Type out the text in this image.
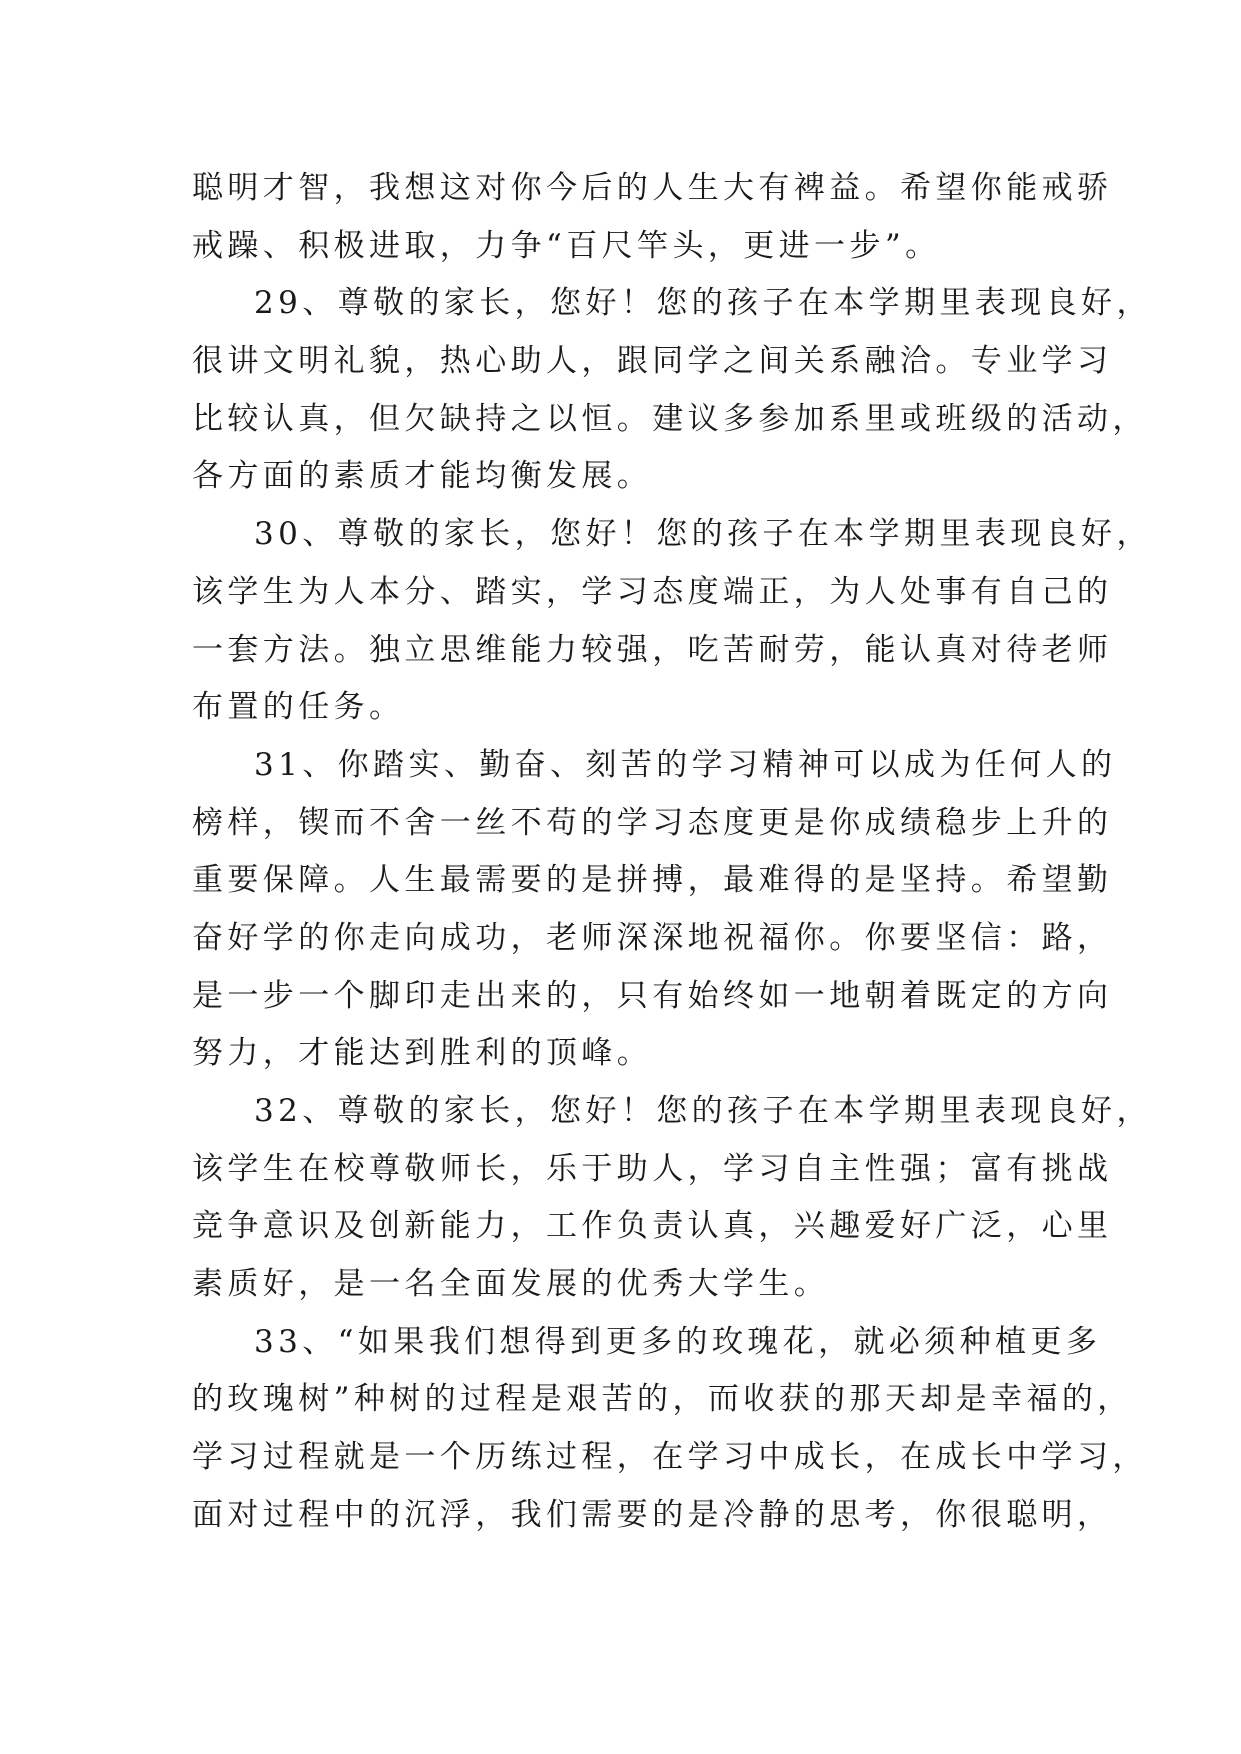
聪明才智，我想这对你今后的人生大有裨益。希望你能戒骄
戒躁、积极进取，力争“百尺竿头，更进一步”。
29、尊敬的家长，您好！您的孩子在本学期里表现良好，
很讲文明礼貌，热心助人，跟同学之间关系融洽。专业学习
比较认真，但欠缺持之以恒。建议多参加系里或班级的活动，
各方面的素质才能均衡发展。
30、尊敬的家长，您好！您的孩子在本学期里表现良好，
该学生为人本分、踏实，学习态度端正，为人处事有自己的
一套方法。独立思维能力较强，吃苦耐劳，能认真对待老师
布置的任务。
31、你踏实、勤奋、刻苦的学习精神可以成为任何人的
榜样，锲而不舍一丝不苟的学习态度更是你成绩稳步上升的
重要保障。人生最需要的是拼搏，最难得的是坚持。希望勤
奋好学的你走向成功，老师深深地祝福你。你要坚信：路，
是一步一个脚印走出来的，只有始终如一地朝着既定的方向
努力，才能达到胜利的顶峰。
32、尊敬的家长，您好！您的孩子在本学期里表现良好，
该学生在校尊敬师长，乐于助人，学习自主性强；富有挑战
竞争意识及创新能力，工作负责认真，兴趣爱好广泛，心里
素质好，是一名全面发展的优秀大学生。
33、“如果我们想得到更多的玫瑰花，就必须种植更多
的玫瑰树”种树的过程是艰苦的，而收获的那天却是幸福的，
学习过程就是一个历练过程，在学习中成长，在成长中学习，
面对过程中的沉浮，我们需要的是冷静的思考，你很聪明，
